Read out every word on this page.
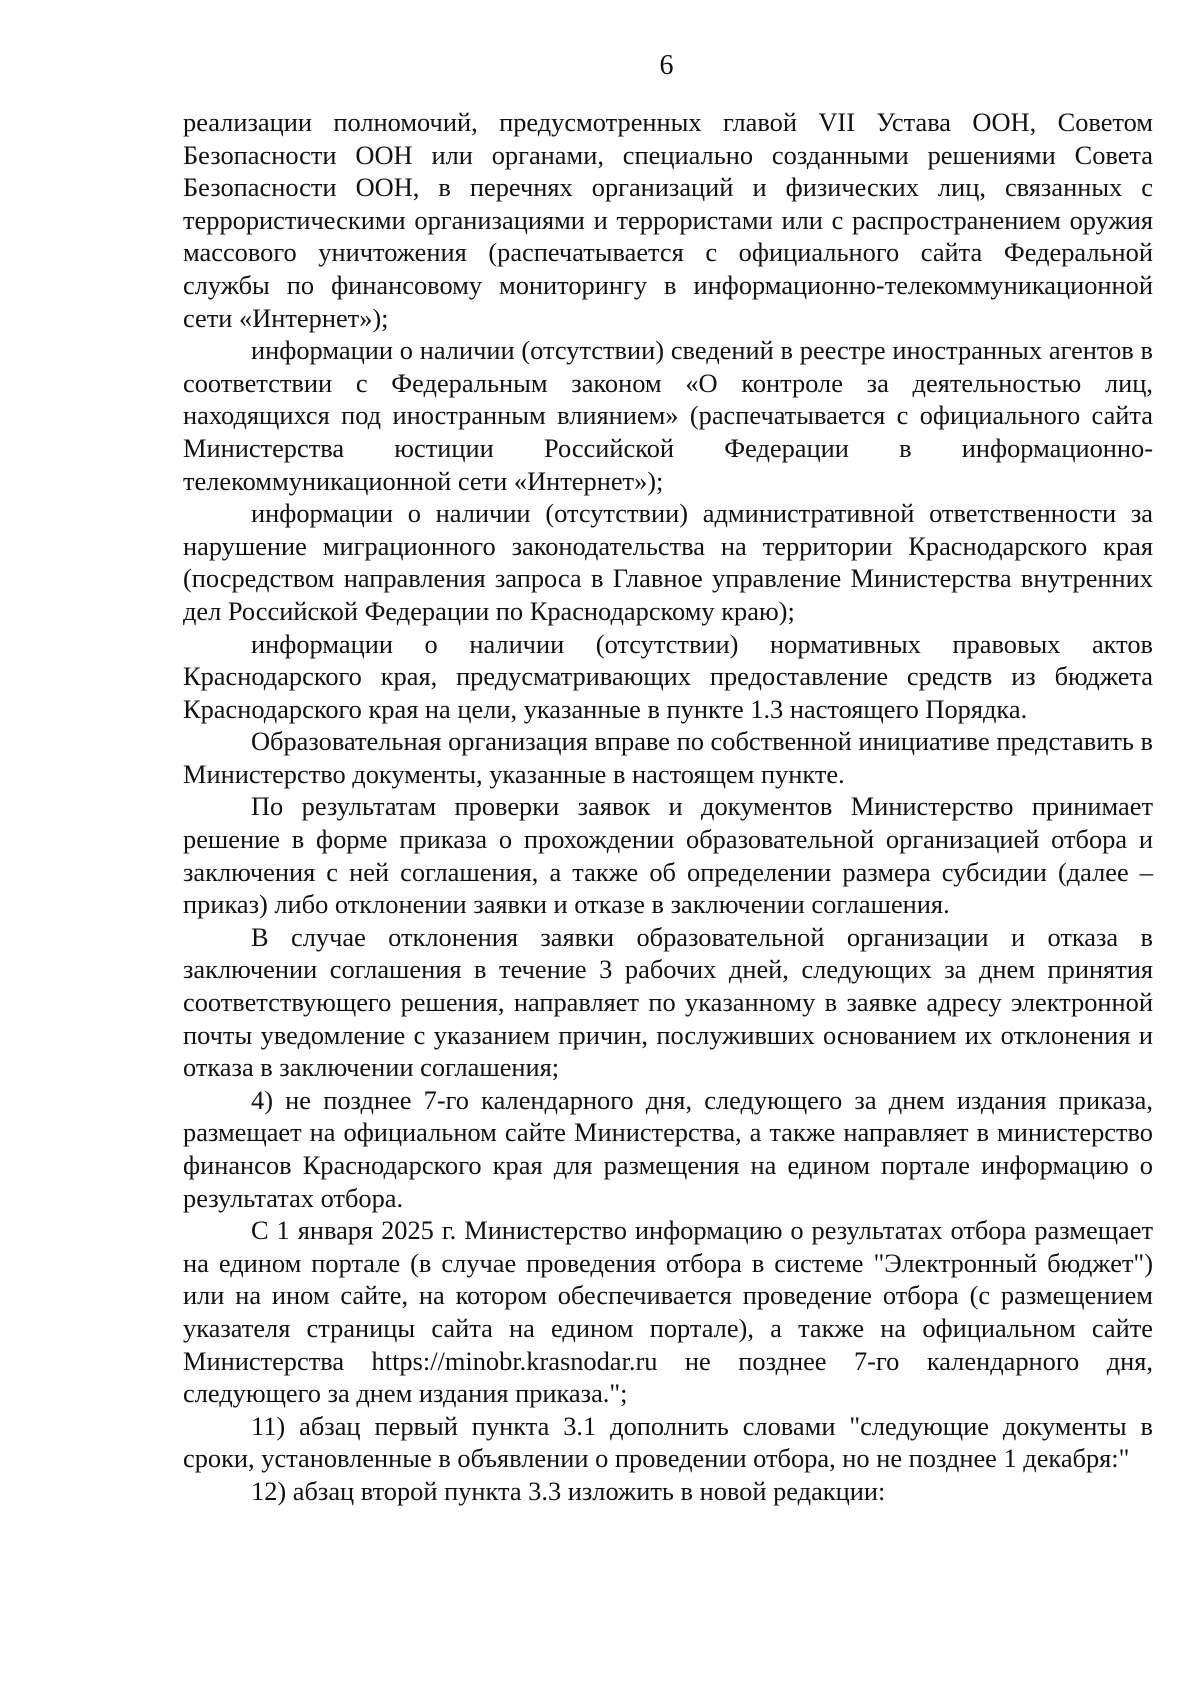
6

реализации полномочий, предусмотренных главой VII Устава ООН, Советом Безопасности ООН или органами, специально созданными решениями Совета Безопасности ООН, в перечнях организаций и физических лиц, связанных с террористическими организациями и террористами или с распространением оружия массового уничтожения (распечатывается с официального сайта Федеральной службы по финансовому мониторингу в информационно-телекоммуникационной сети «Интернет»);

информации о наличии (отсутствии) сведений в реестре иностранных агентов в соответствии с Федеральным законом «О контроле за деятельностью лиц, находящихся под иностранным влиянием» (распечатывается с официального сайта Министерства юстиции Российской Федерации в информационно-телекоммуникационной сети «Интернет»);

информации о наличии (отсутствии) административной ответственности за нарушение миграционного законодательства на территории Краснодарского края (посредством направления запроса в Главное управление Министерства внутренних дел Российской Федерации по Краснодарскому краю);

информации о наличии (отсутствии) нормативных правовых актов Краснодарского края, предусматривающих предоставление средств из бюджета Краснодарского края на цели, указанные в пункте 1.3 настоящего Порядка.

Образовательная организация вправе по собственной инициативе представить в Министерство документы, указанные в настоящем пункте.

По результатам проверки заявок и документов Министерство принимает решение в форме приказа о прохождении образовательной организацией отбора и заключения с ней соглашения, а также об определении размера субсидии (далее – приказ) либо отклонении заявки и отказе в заключении соглашения.

В случае отклонения заявки образовательной организации и отказа в заключении соглашения в течение 3 рабочих дней, следующих за днем принятия соответствующего решения, направляет по указанному в заявке адресу электронной почты уведомление с указанием причин, послуживших основанием их отклонения и отказа в заключении соглашения;

4) не позднее 7-го календарного дня, следующего за днем издания приказа, размещает на официальном сайте Министерства, а также направляет в министерство финансов Краснодарского края для размещения на едином портале информацию о результатах отбора.

С 1 января 2025 г. Министерство информацию о результатах отбора размещает на едином портале (в случае проведения отбора в системе "Электронный бюджет") или на ином сайте, на котором обеспечивается проведение отбора (с размещением указателя страницы сайта на едином портале), а также на официальном сайте Министерства https://minobr.krasnodar.ru не позднее 7-го календарного дня, следующего за днем издания приказа.";

11) абзац первый пункта 3.1 дополнить словами "следующие документы в сроки, установленные в объявлении о проведении отбора, но не позднее 1 декабря:"

12) абзац второй пункта 3.3 изложить в новой редакции:
